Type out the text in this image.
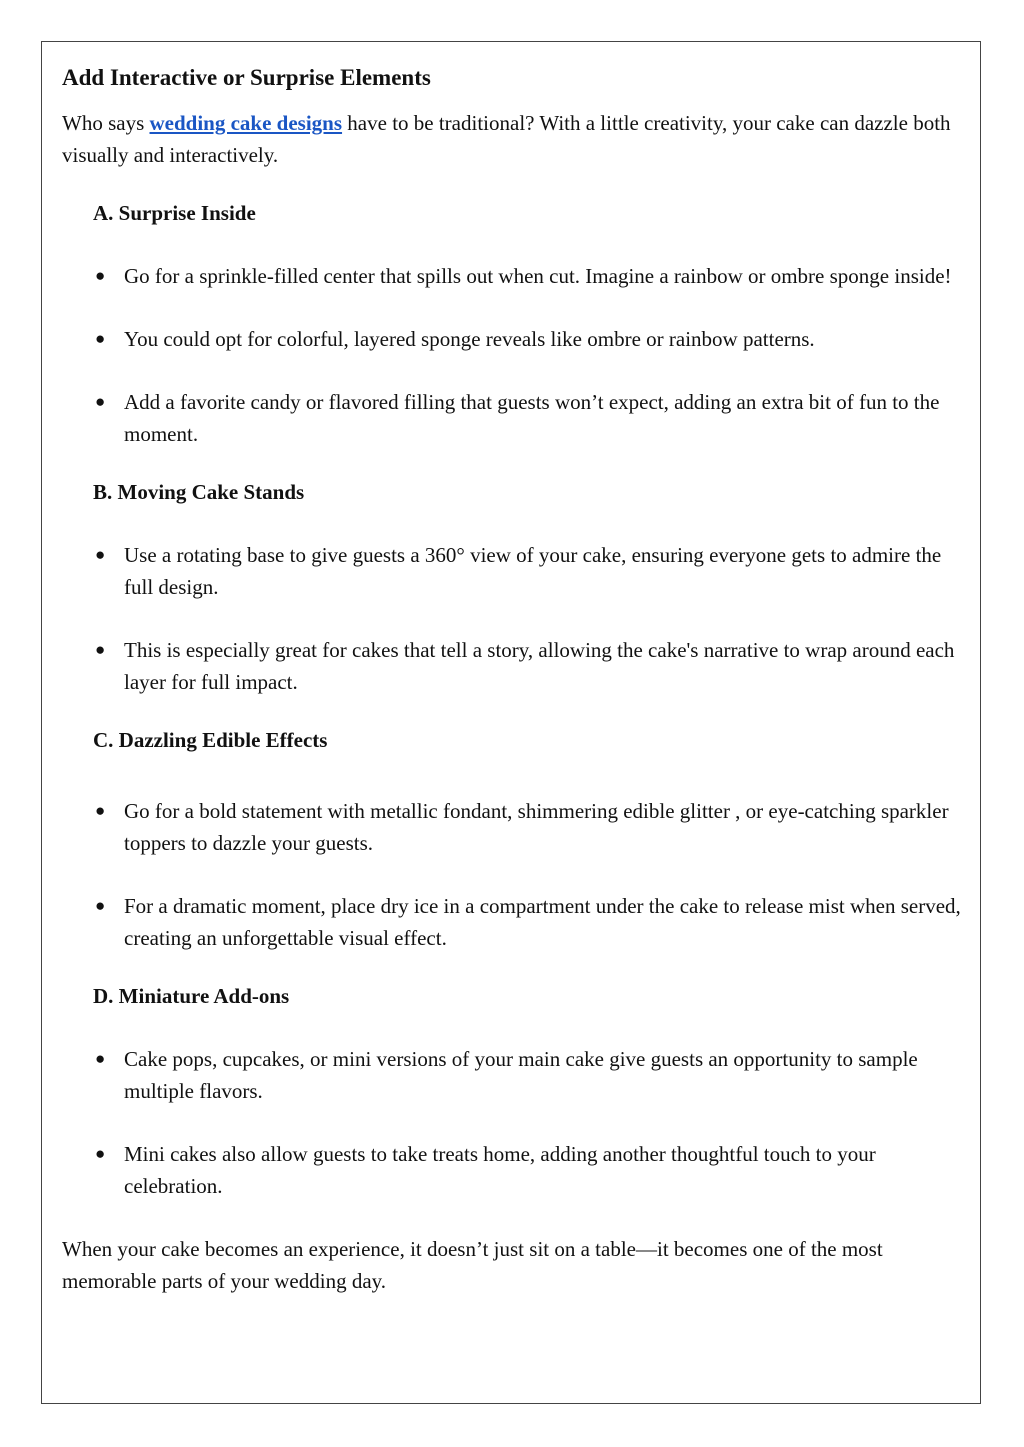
Add Interactive or Surprise Elements

Who says wedding cake designs have to be traditional? With a little creativity, your cake can dazzle both visually and interactively.

A. Surprise Inside
● Go for a sprinkle-filled center that spills out when cut. Imagine a rainbow or ombre sponge inside!
● You could opt for colorful, layered sponge reveals like ombre or rainbow patterns.
● Add a favorite candy or flavored filling that guests won’t expect, adding an extra bit of fun to the moment.
B. Moving Cake Stands
● Use a rotating base to give guests a 360° view of your cake, ensuring everyone gets to admire the full design.
● This is especially great for cakes that tell a story, allowing the cake's narrative to wrap around each layer for full impact.
C. Dazzling Edible Effects
● Go for a bold statement with metallic fondant, shimmering edible glitter , or eye-catching sparkler toppers to dazzle your guests.
● For a dramatic moment, place dry ice in a compartment under the cake to release mist when served, creating an unforgettable visual effect.
D. Miniature Add-ons
● Cake pops, cupcakes, or mini versions of your main cake give guests an opportunity to sample multiple flavors.
● Mini cakes also allow guests to take treats home, adding another thoughtful touch to your celebration.

When your cake becomes an experience, it doesn’t just sit on a table—it becomes one of the most memorable parts of your wedding day.
